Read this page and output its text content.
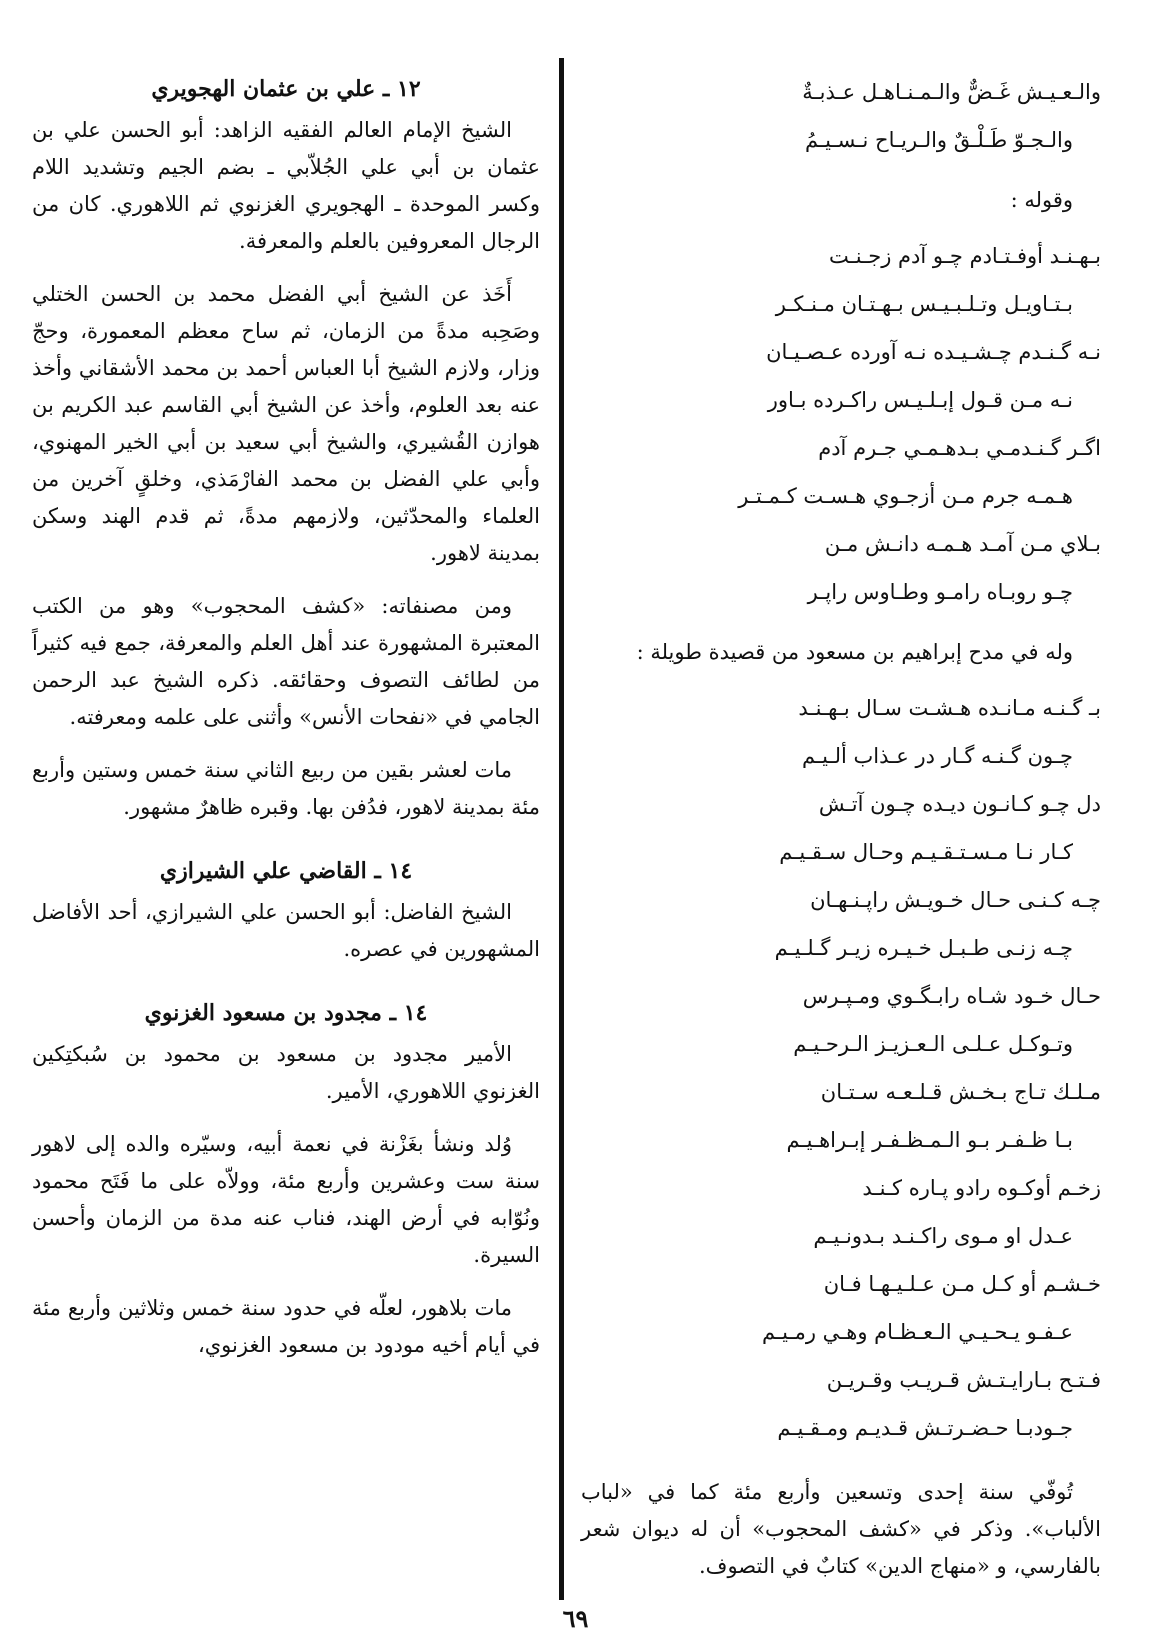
والـعـيـش غَـضٌّ والـمـنـاهـل عـذبـةٌ
والـجـوّ طَـلْـقٌ والـريـاح نـسـيـمُ
وقوله :
بـهـنـد أوفـتـادم چـو آدم زجـنـت
بـتـاويـل وتـلـبـيـس بـهـتـان مـنـكـر
نـه گـنـدم چـشـيـده نـه آورده عـصـيـان
نـه مـن قـول إبـلـيـس راكـرده بـاور
اگـر گـنـدمـي بـدهـمـي جـرم آدم
هـمـه جرم مـن أزجـوي هـسـت كـمـتـر
بـلاي مـن آمـد هـمـه دانـش مـن
چـو روبـاه رامـو وطـاوس راپـر
وله في مدح إبراهيم بن مسعود من قصيدة طويلة :
بـ گـنـه مـانـده هـشـت سـال بـهـنـد
چـون گـنـه گـار در عـذاب ألـيـم
دل چـو كـانـون ديـده چـون آتـش
كـار نـا مـسـتـقـيـم وحـال سـقـيـم
چـه كـنـى حـال خـويـش راپـنـهـان
چـه زنـى طـبـل خـيـره زيـر گـلـيـم
حـال خـود شـاه رابـگـوي ومـپـرس
وتـوكـل عـلـى الـعـزيـز الـرحـيـم
مـلـك تـاج بـخـش قـلـعـه سـتـان
بـا ظـفـر بـو الـمـظـفـر إبـراهـيـم
زخـم أوكـوه رادو پـاره كـنـد
عـدل او مـوى راكـنـد بـدونـيـم
خـشـم أو كـل مـن عـلـيـهـا فـان
عـفـو يـحـيـي الـعـظـام وهـي رمـيـم
فـتـح بـارايـتـش قـريـب وقـريـن
جـودبـا حـضـرتـش قـديـم ومـقـيـم
تُوفّي سنة إحدى وتسعين وأربع مئة كما في «لباب الألباب». وذكر في «كشف المحجوب» أن له ديوان شعر بالفارسي، و «منهاج الدين» كتابٌ في التصوف.
١٢ ـ علي بن عثمان الهجويري

الشيخ الإمام العالم الفقيه الزاهد: أبو الحسن علي بن عثمان بن أبي علي الجُلاّبي ـ بضم الجيم وتشديد اللام وكسر الموحدة ـ الهجويري الغزنوي ثم اللاهوري. كان من الرجال المعروفين بالعلم والمعرفة.

أَخَذ عن الشيخ أبي الفضل محمد بن الحسن الختلي وصَحِبه مدةً من الزمان، ثم ساح معظم المعمورة، وحجّ وزار، ولازم الشيخ أبا العباس أحمد بن محمد الأشقاني وأخذ عنه بعد العلوم، وأخذ عن الشيخ أبي القاسم عبد الكريم بن هوازن القُشيري، والشيخ أبي سعيد بن أبي الخير المهنوي، وأبي علي الفضل بن محمد الفارْمَذي، وخلقٍ آخرين من العلماء والمحدّثين، ولازمهم مدةً، ثم قدم الهند وسكن بمدينة لاهور.

ومن مصنفاته: «كشف المحجوب» وهو من الكتب المعتبرة المشهورة عند أهل العلم والمعرفة، جمع فيه كثيراً من لطائف التصوف وحقائقه. ذكره الشيخ عبد الرحمن الجامي في «نفحات الأنس» وأثنى على علمه ومعرفته.

مات لعشر بقين من ربيع الثاني سنة خمس وستين وأربع مئة بمدينة لاهور، فدُفن بها. وقبره ظاهرٌ مشهور.

١٤ ـ القاضي علي الشيرازي

الشيخ الفاضل: أبو الحسن علي الشيرازي، أحد الأفاضل المشهورين في عصره.

١٤ ـ مجدود بن مسعود الغزنوي

الأمير مجدود بن مسعود بن محمود بن سُبكتِكين الغزنوي اللاهوري، الأمير.

وُلد ونشأ بغَزْنة في نعمة أبيه، وسيّره والده إلى لاهور سنة ست وعشرين وأربع مئة، وولاّه على ما فَتَح محمود ونُوّابه في أرض الهند، فناب عنه مدة من الزمان وأحسن السيرة.

مات بلاهور، لعلّه في حدود سنة خمس وثلاثين وأربع مئة في أيام أخيه مودود بن مسعود الغزنوي،

٦٩
